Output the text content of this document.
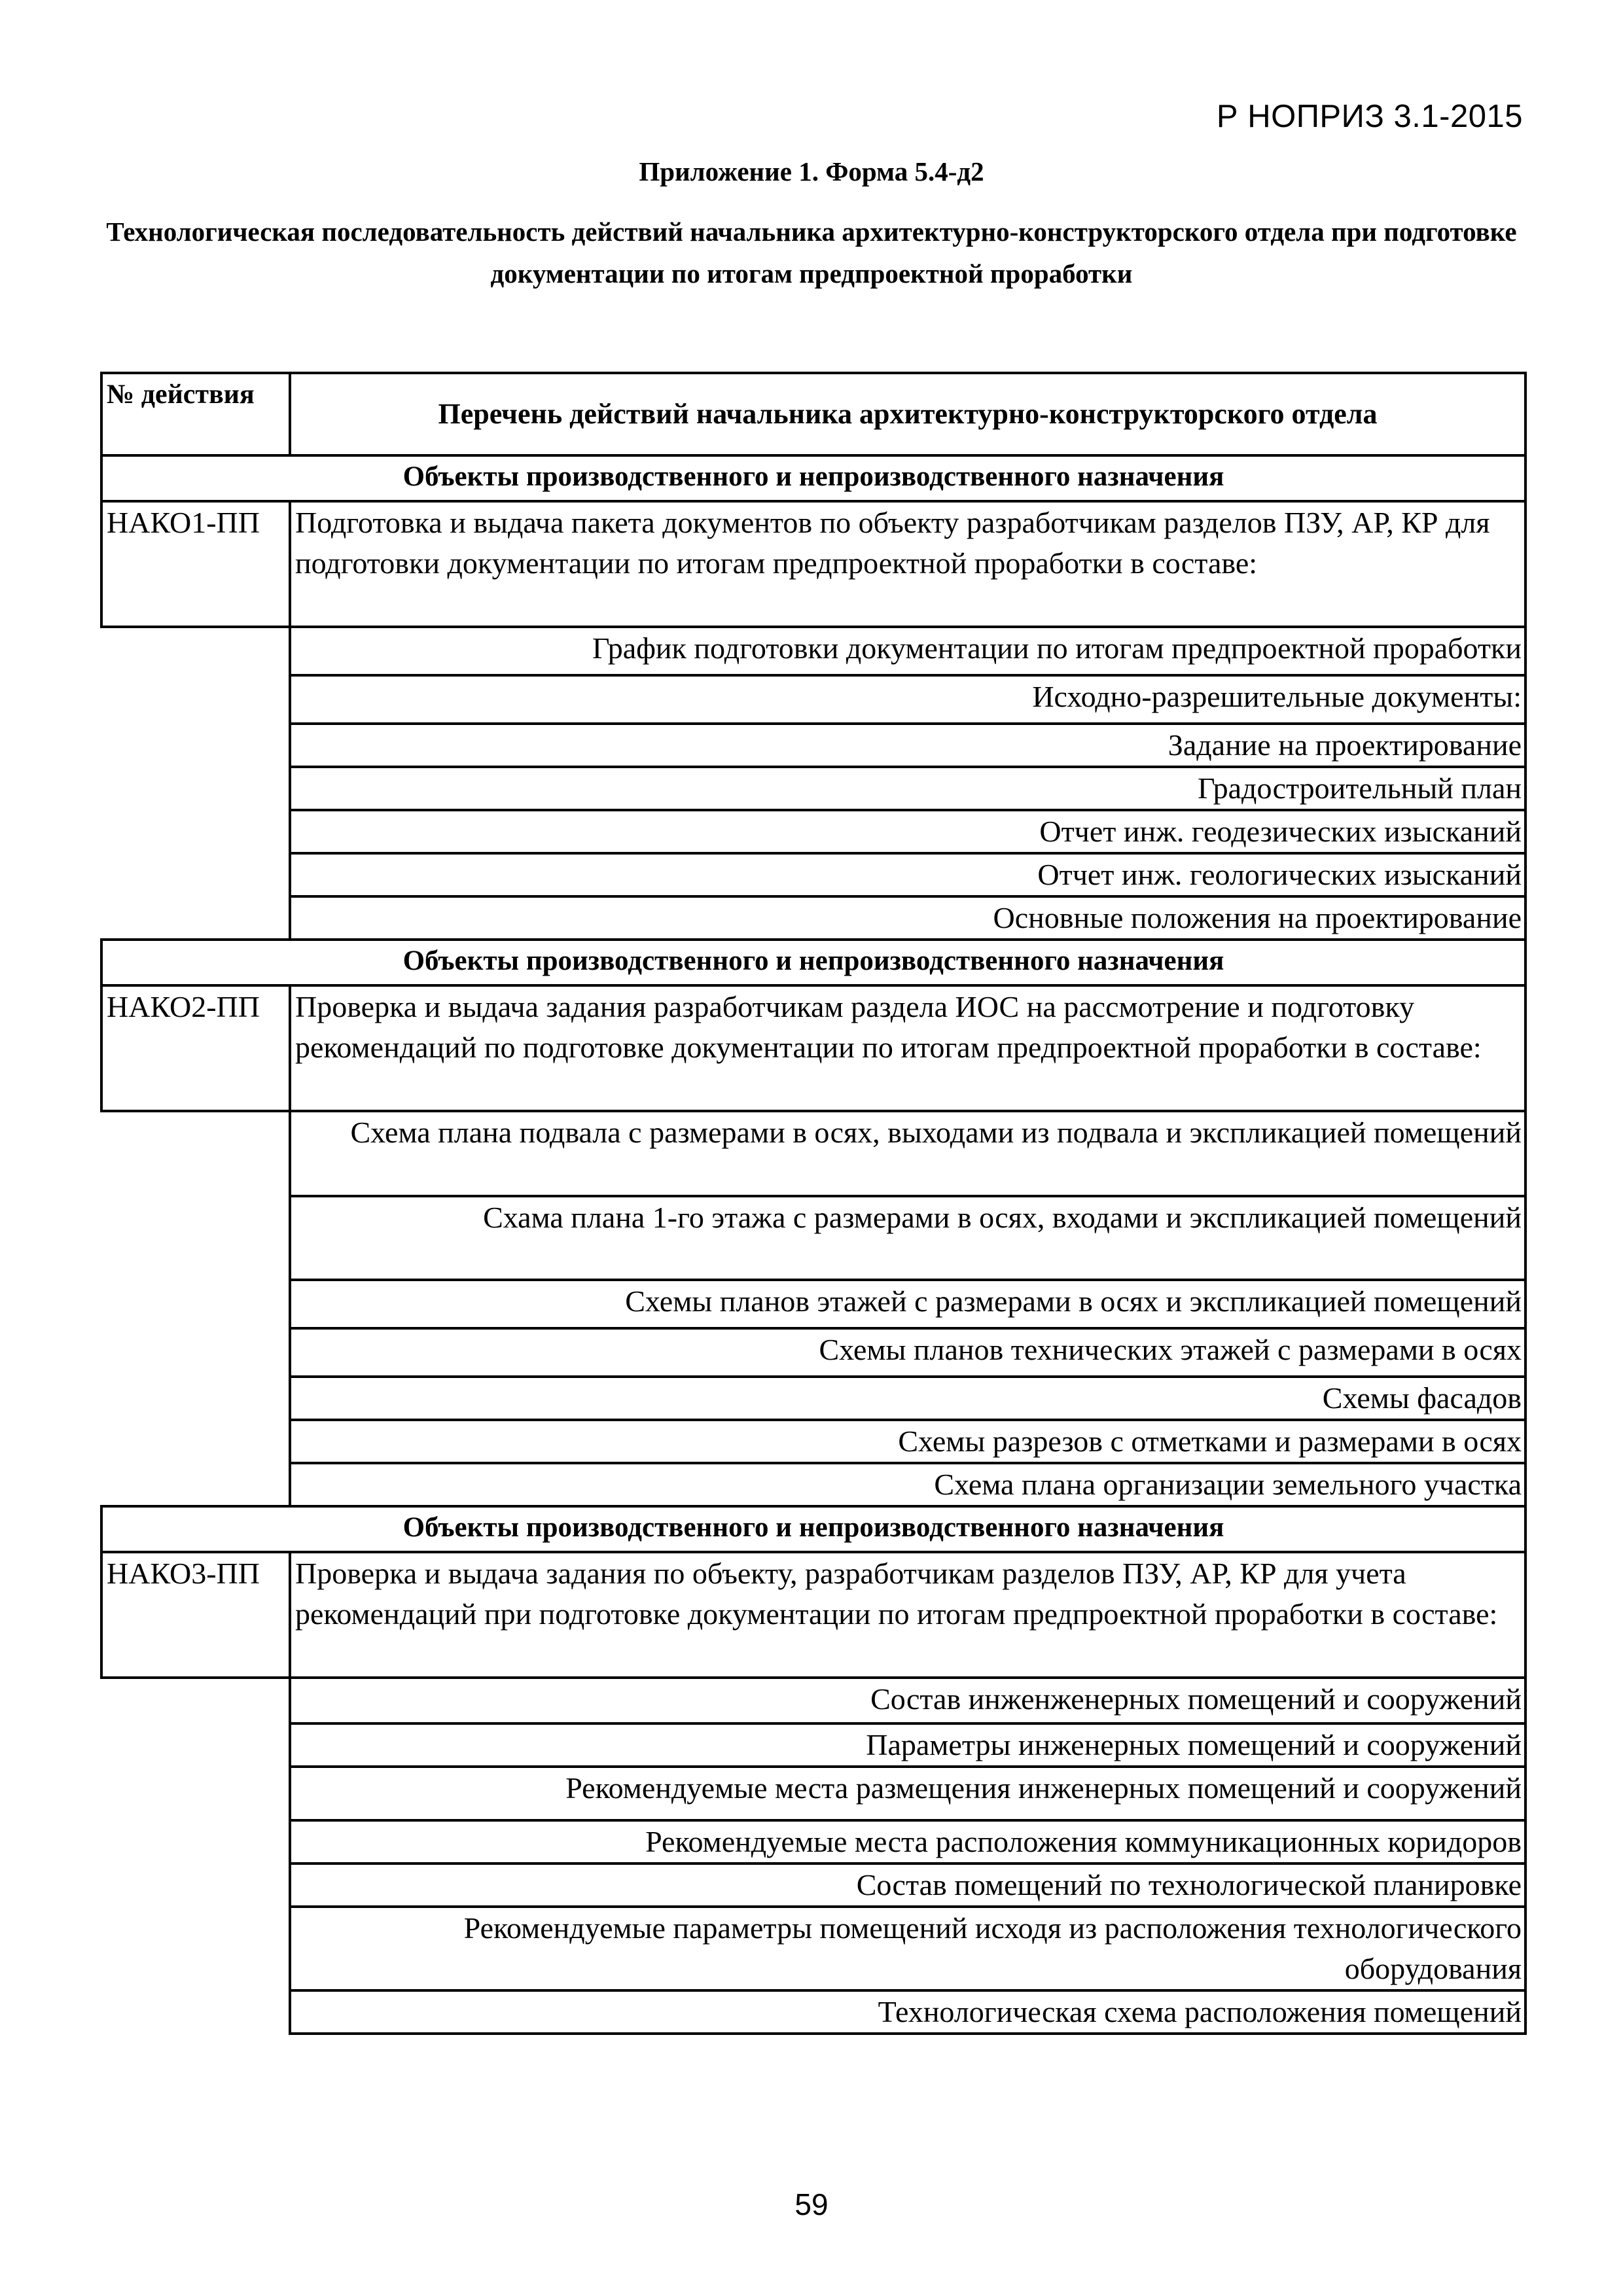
Р НОПРИЗ 3.1-2015
Приложение 1. Форма 5.4-д2
Технологическая последовательность действий начальника архитектурно-конструкторского отдела при подготовке документации по итогам предпроектной проработки
№ действия	Перечень действий начальника архитектурно-конструкторского отдела
Объекты производственного и непроизводственного назначения	
НАКО1-ПП	Подготовка и выдача пакета документов по объекту разработчикам разделов ПЗУ, АР, КР для подготовки документации по итогам предпроектной проработки в составе:
	График подготовки документации по итогам предпроектной проработки
	Исходно-разрешительные документы:
	Задание на проектирование
	Градостроительный план
	Отчет инж. геодезических изысканий
	Отчет инж. геологических изысканий
	Основные положения на проектирование
Объекты производственного и непроизводственного назначения	
НАКО2-ПП	Проверка и выдача задания разработчикам раздела ИОС на рассмотрение и подготовку рекомендаций по подготовке документации по итогам предпроектной проработки в составе:
	Схема плана подвала с размерами в осях, выходами из подвала и экспликацией помещений
	Схама плана 1-го этажа с размерами в осях, входами и экспликацией помещений
	Схемы планов этажей с размерами в осях и экспликацией помещений
	Схемы планов технических этажей с размерами в осях
	Схемы фасадов
	Схемы разрезов с отметками и размерами в осях
	Схема плана организации земельного участка
Объекты производственного и непроизводственного назначения	
НАКО3-ПП	Проверка и выдача задания по объекту, разработчикам разделов ПЗУ, АР, КР для учета рекомендаций при подготовке документации по итогам предпроектной проработки в составе:
	Состав инженженерных помещений и сооружений
	Параметры инженерных помещений и сооружений
	Рекомендуемые места размещения инженерных помещений и сооружений
	Рекомендуемые места расположения коммуникационных коридоров
	Состав помещений по технологической планировке
	Рекомендуемые параметры помещений исходя из расположения технологического оборудования
	Технологическая схема расположения помещений
59
